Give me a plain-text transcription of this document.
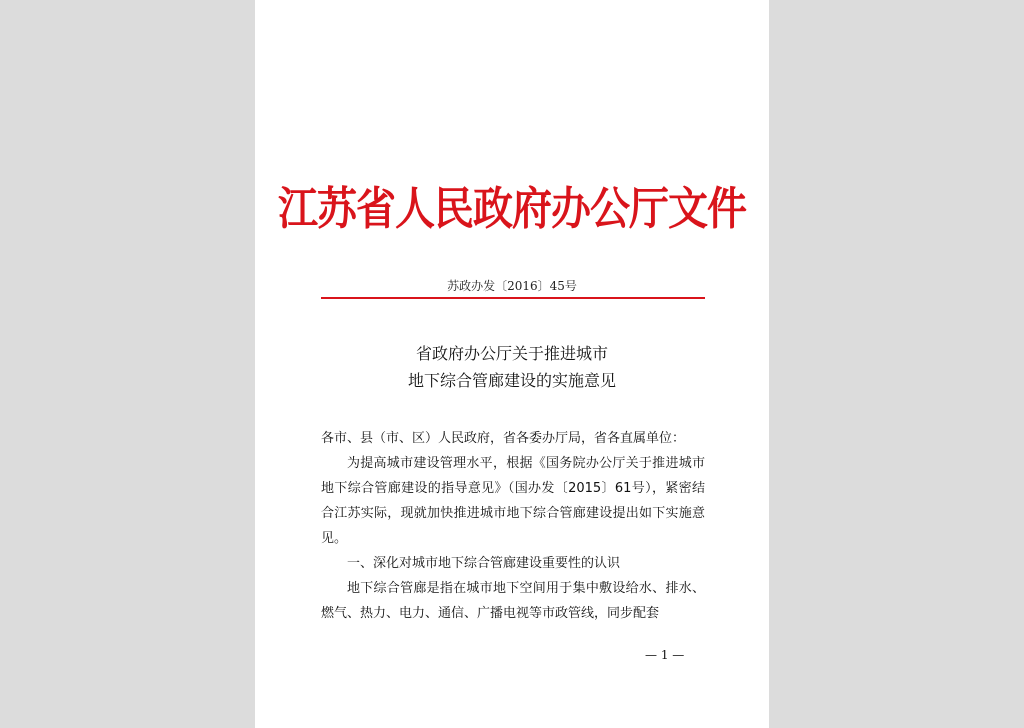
江苏省人民政府办公厅文件
苏政办发〔2016〕45号
省政府办公厅关于推进城市
地下综合管廊建设的实施意见

各市、县（市、区）人民政府，省各委办厅局，省各直属单位：

为提高城市建设管理水平，根据《国务院办公厅关于推进城市地下综合管廊建设的指导意见》（国办发〔2015〕61号），紧密结合江苏实际，现就加快推进城市地下综合管廊建设提出如下实施意见。

一、深化对城市地下综合管廊建设重要性的认识

地下综合管廊是指在城市地下空间用于集中敷设给水、排水、燃气、热力、电力、通信、广播电视等市政管线，同步配套

— 1 —
